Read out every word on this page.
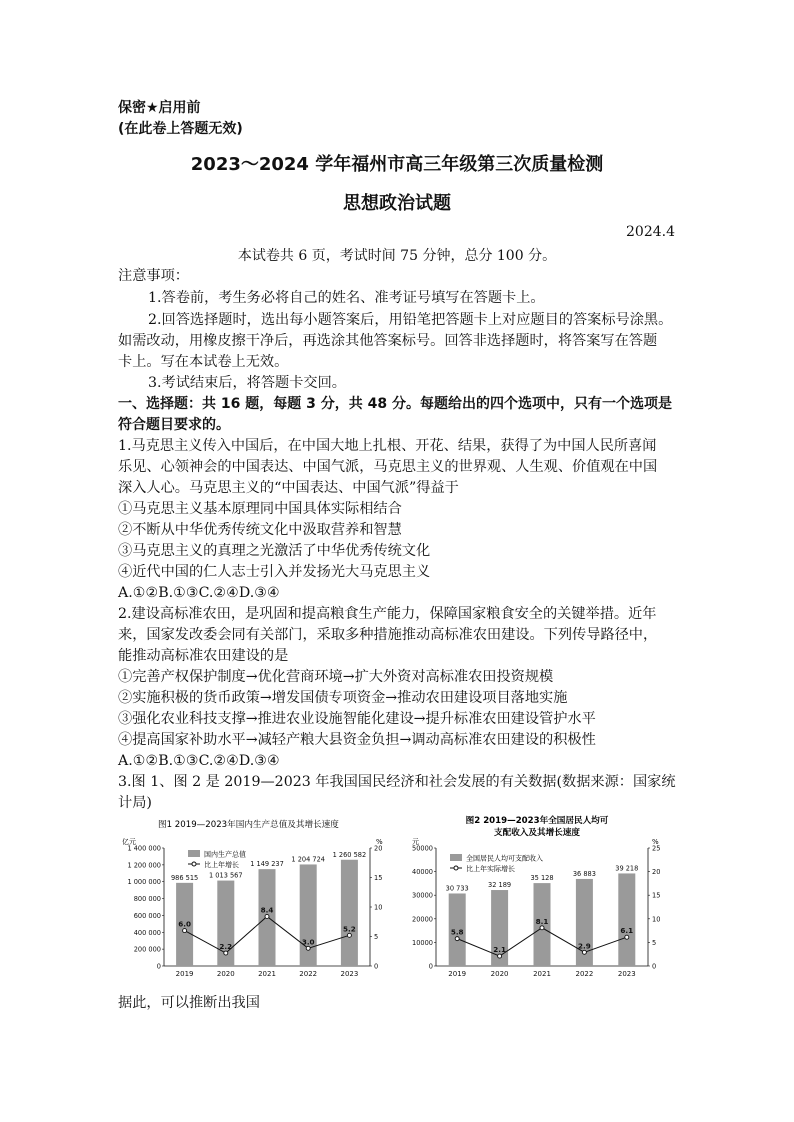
保密★启用前
(在此卷上答题无效)
2023～2024 学年福州市高三年级第三次质量检测
思想政治试题
2024.4
本试卷共 6 页，考试时间 75 分钟，总分 100 分。
注意事项：
1.答卷前，考生务必将自己的姓名、准考证号填写在答题卡上。
2.回答选择题时，选出每小题答案后，用铅笔把答题卡上对应题目的答案标号涂黑。
如需改动，用橡皮擦干净后，再选涂其他答案标号。回答非选择题时，将答案写在答题
卡上。写在本试卷上无效。
3.考试结束后，将答题卡交回。
一、选择题：共 16 题，每题 3 分，共 48 分。每题给出的四个选项中，只有一个选项是
符合题目要求的。
1.马克思主义传入中国后，在中国大地上扎根、开花、结果，获得了为中国人民所喜闻
乐见、心领神会的中国表达、中国气派，马克思主义的世界观、人生观、价值观在中国
深入人心。马克思主义的“中国表达、中国气派”得益于
①马克思主义基本原理同中国具体实际相结合
②不断从中华优秀传统文化中汲取营养和智慧
③马克思主义的真理之光激活了中华优秀传统文化
④近代中国的仁人志士引入并发扬光大马克思主义
A.①②B.①③C.②④D.③④
2.建设高标准农田，是巩固和提高粮食生产能力，保障国家粮食安全的关键举措。近年
来，国家发改委会同有关部门，采取多种措施推动高标准农田建设。下列传导路径中，
能推动高标准农田建设的是
①完善产权保护制度→优化营商环境→扩大外资对高标准农田投资规模
②实施积极的货币政策→增发国债专项资金→推动农田建设项目落地实施
③强化农业科技支撑→推进农业设施智能化建设→提升标准农田建设管护水平
④提高国家补助水平→减轻产粮大县资金负担→调动高标准农田建设的积极性
A.①②B.①③C.②④D.③④
3.图 1、图 2 是 2019—2023 年我国国民经济和社会发展的有关数据(数据来源：国家统
计局)
图1 2019—2023年国内生产总值及其增长速度
亿元	%
国内生产总值
比上年增长
0
200 000
400 000
600 000
800 000
1 000 000
1 200 000
1 400 000
0
5
10
15
20
986 515
2019
1 013 567
2020
1 149 237
2021
1 204 724
2022
1 260 582
2023
6.0
2.2
8.4
3.0
5.2
图2 2019—2023年全国居民人均可
支配收入及其增长速度
元	%
全国居民人均可支配收入
比上年实际增长
0
10000
20000
30000
40000
50000
0
5
10
15
20
25
30 733
2019
32 189
2020
35 128
2021
36 883
2022
39 218
2023
5.8
2.1
8.1
2.9
6.1
据此，可以推断出我国
